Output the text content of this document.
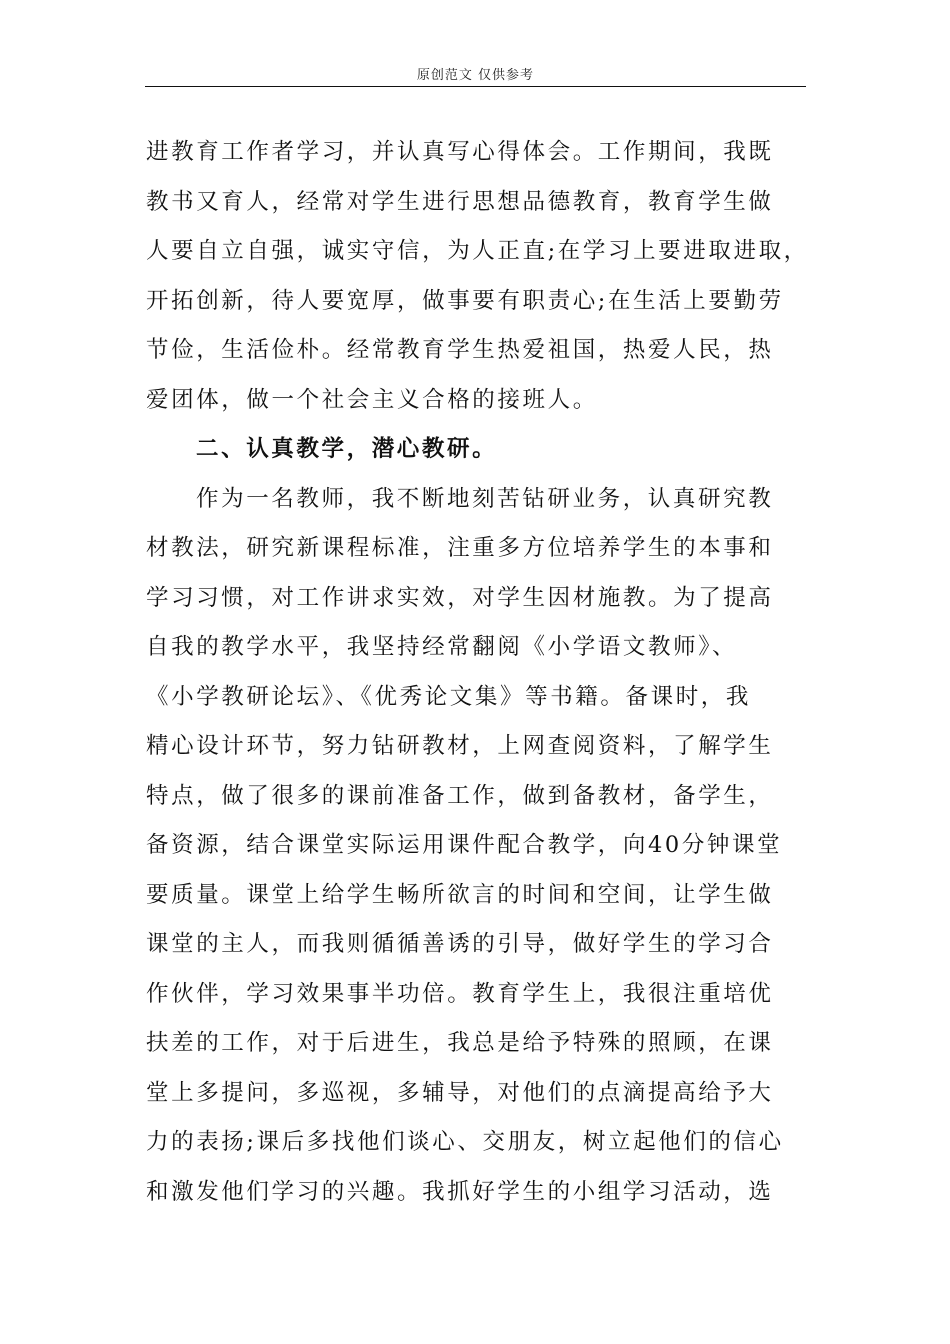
原创范文 仅供参考
进教育工作者学习，并认真写心得体会。工作期间，我既
教书又育人，经常对学生进行思想品德教育，教育学生做
人要自立自强，诚实守信，为人正直;在学习上要进取进取，
开拓创新，待人要宽厚，做事要有职责心;在生活上要勤劳
节俭，生活俭朴。经常教育学生热爱祖国，热爱人民，热
爱团体，做一个社会主义合格的接班人。
二、认真教学，潜心教研。
作为一名教师，我不断地刻苦钻研业务，认真研究教
材教法，研究新课程标准，注重多方位培养学生的本事和
学习习惯，对工作讲求实效，对学生因材施教。为了提高
自我的教学水平，我坚持经常翻阅《小学语文教师》、
《小学教研论坛》、《优秀论文集》等书籍。备课时，我
精心设计环节，努力钻研教材，上网查阅资料，了解学生
特点，做了很多的课前准备工作，做到备教材，备学生，
备资源，结合课堂实际运用课件配合教学，向40分钟课堂
要质量。课堂上给学生畅所欲言的时间和空间，让学生做
课堂的主人，而我则循循善诱的引导，做好学生的学习合
作伙伴，学习效果事半功倍。教育学生上，我很注重培优
扶差的工作，对于后进生，我总是给予特殊的照顾，在课
堂上多提问，多巡视，多辅导，对他们的点滴提高给予大
力的表扬;课后多找他们谈心、交朋友，树立起他们的信心
和激发他们学习的兴趣。我抓好学生的小组学习活动，选
